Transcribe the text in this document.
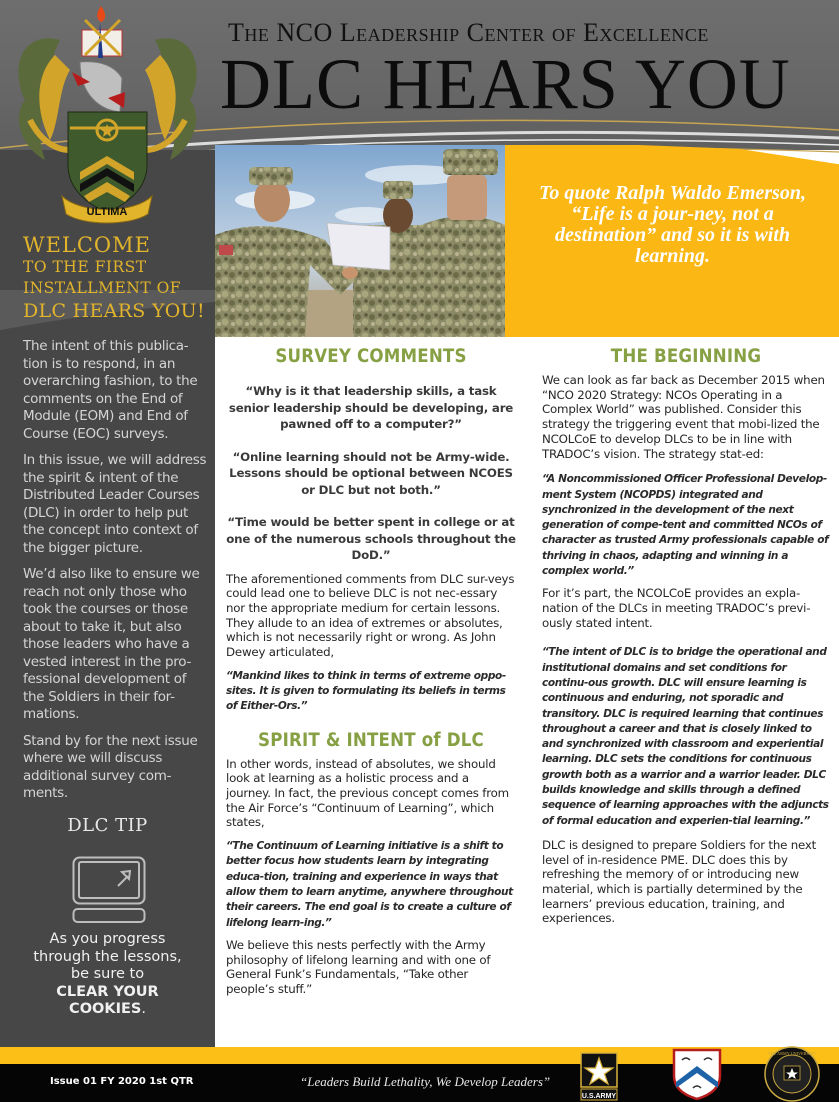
The NCO Leadership Center of Excellence
DLC HEARS YOU
ULTIMA
WELCOME
TO THE FIRST
INSTALLMENT OF
DLC HEARS YOU!

The intent of this publica-tion is to respond, in an overarching fashion, to the comments on the End of Module (EOM) and End of Course (EOC) surveys.

In this issue, we will address the spirit & intent of the Distributed Leader Courses (DLC) in order to help put the concept into context of the bigger picture.

We’d also like to ensure we reach not only those who took the courses or those about to take it, but also those leaders who have a vested interest in the pro-fessional development of the Soldiers in their for-mations.

Stand by for the next issue where we will discuss additional survey com-ments.

DLC TIP
As you progress
through the lessons,
be sure to
CLEAR YOUR
COOKIES.
To quote Ralph Waldo Emerson, “Life is a jour-ney, not a destination” and so it is with learning.
SURVEY COMMENTS
“Why is it that leadership skills, a task senior leadership should be developing, are pawned off to a computer?”
“Online learning should not be Army-wide. Lessons should be optional between NCOES or DLC but not both.”
“Time would be better spent in college or at one of the numerous schools throughout the DoD.”
The aforementioned comments from DLC sur-veys could lead one to believe DLC is not nec-essary nor the appropriate medium for certain lessons. They allude to an idea of extremes or absolutes, which is not necessarily right or wrong. As John Dewey articulated,
“Mankind likes to think in terms of extreme oppo-sites. It is given to formulating its beliefs in terms of Either-Ors.”
SPIRIT & INTENT of DLC
In other words, instead of absolutes, we should look at learning as a holistic process and a journey. In fact, the previous concept comes from the Air Force’s “Continuum of Learning”, which states,
“The Continuum of Learning initiative is a shift to better focus how students learn by integrating educa-tion, training and experience in ways that allow them to learn anytime, anywhere throughout their careers. The end goal is to create a culture of lifelong learn-ing.”
We believe this nests perfectly with the Army philosophy of lifelong learning and with one of General Funk’s Fundamentals, “Take other people’s stuff.”
THE BEGINNING
We can look as far back as December 2015 when “NCO 2020 Strategy: NCOs Operating in a Complex World” was published. Consider this strategy the triggering event that mobi-lized the NCOLCoE to develop DLCs to be in line with TRADOC’s vision. The strategy stat-ed:
“A Noncommissioned Officer Professional Develop-ment System (NCOPDS) integrated and synchronized in the development of the next generation of compe-tent and committed NCOs of character as trusted Army professionals capable of thriving in chaos, adapting and winning in a complex world.”
For it’s part, the NCOLCoE provides an expla-nation of the DLCs in meeting TRADOC’s previ-ously stated intent.
“The intent of DLC is to bridge the operational and institutional domains and set conditions for continu-ous growth. DLC will ensure learning is continuous and enduring, not sporadic and transitory. DLC is required learning that continues throughout a career and that is closely linked to and synchronized with classroom and experiential learning. DLC sets the conditions for continuous growth both as a warrior and a warrior leader. DLC builds knowledge and skills through a defined sequence of learning approaches with the adjuncts of formal education and experien-tial learning.”
DLC is designed to prepare Soldiers for the next level of in-residence PME. DLC does this by refreshing the memory of or introducing new material, which is partially determined by the learners’ previous education, training, and experiences.
Issue 01 FY 2020 1st QTR	“Leaders Build Lethality, We Develop Leaders”
U.S.ARMY
THE ARMY UNIVERSITY
